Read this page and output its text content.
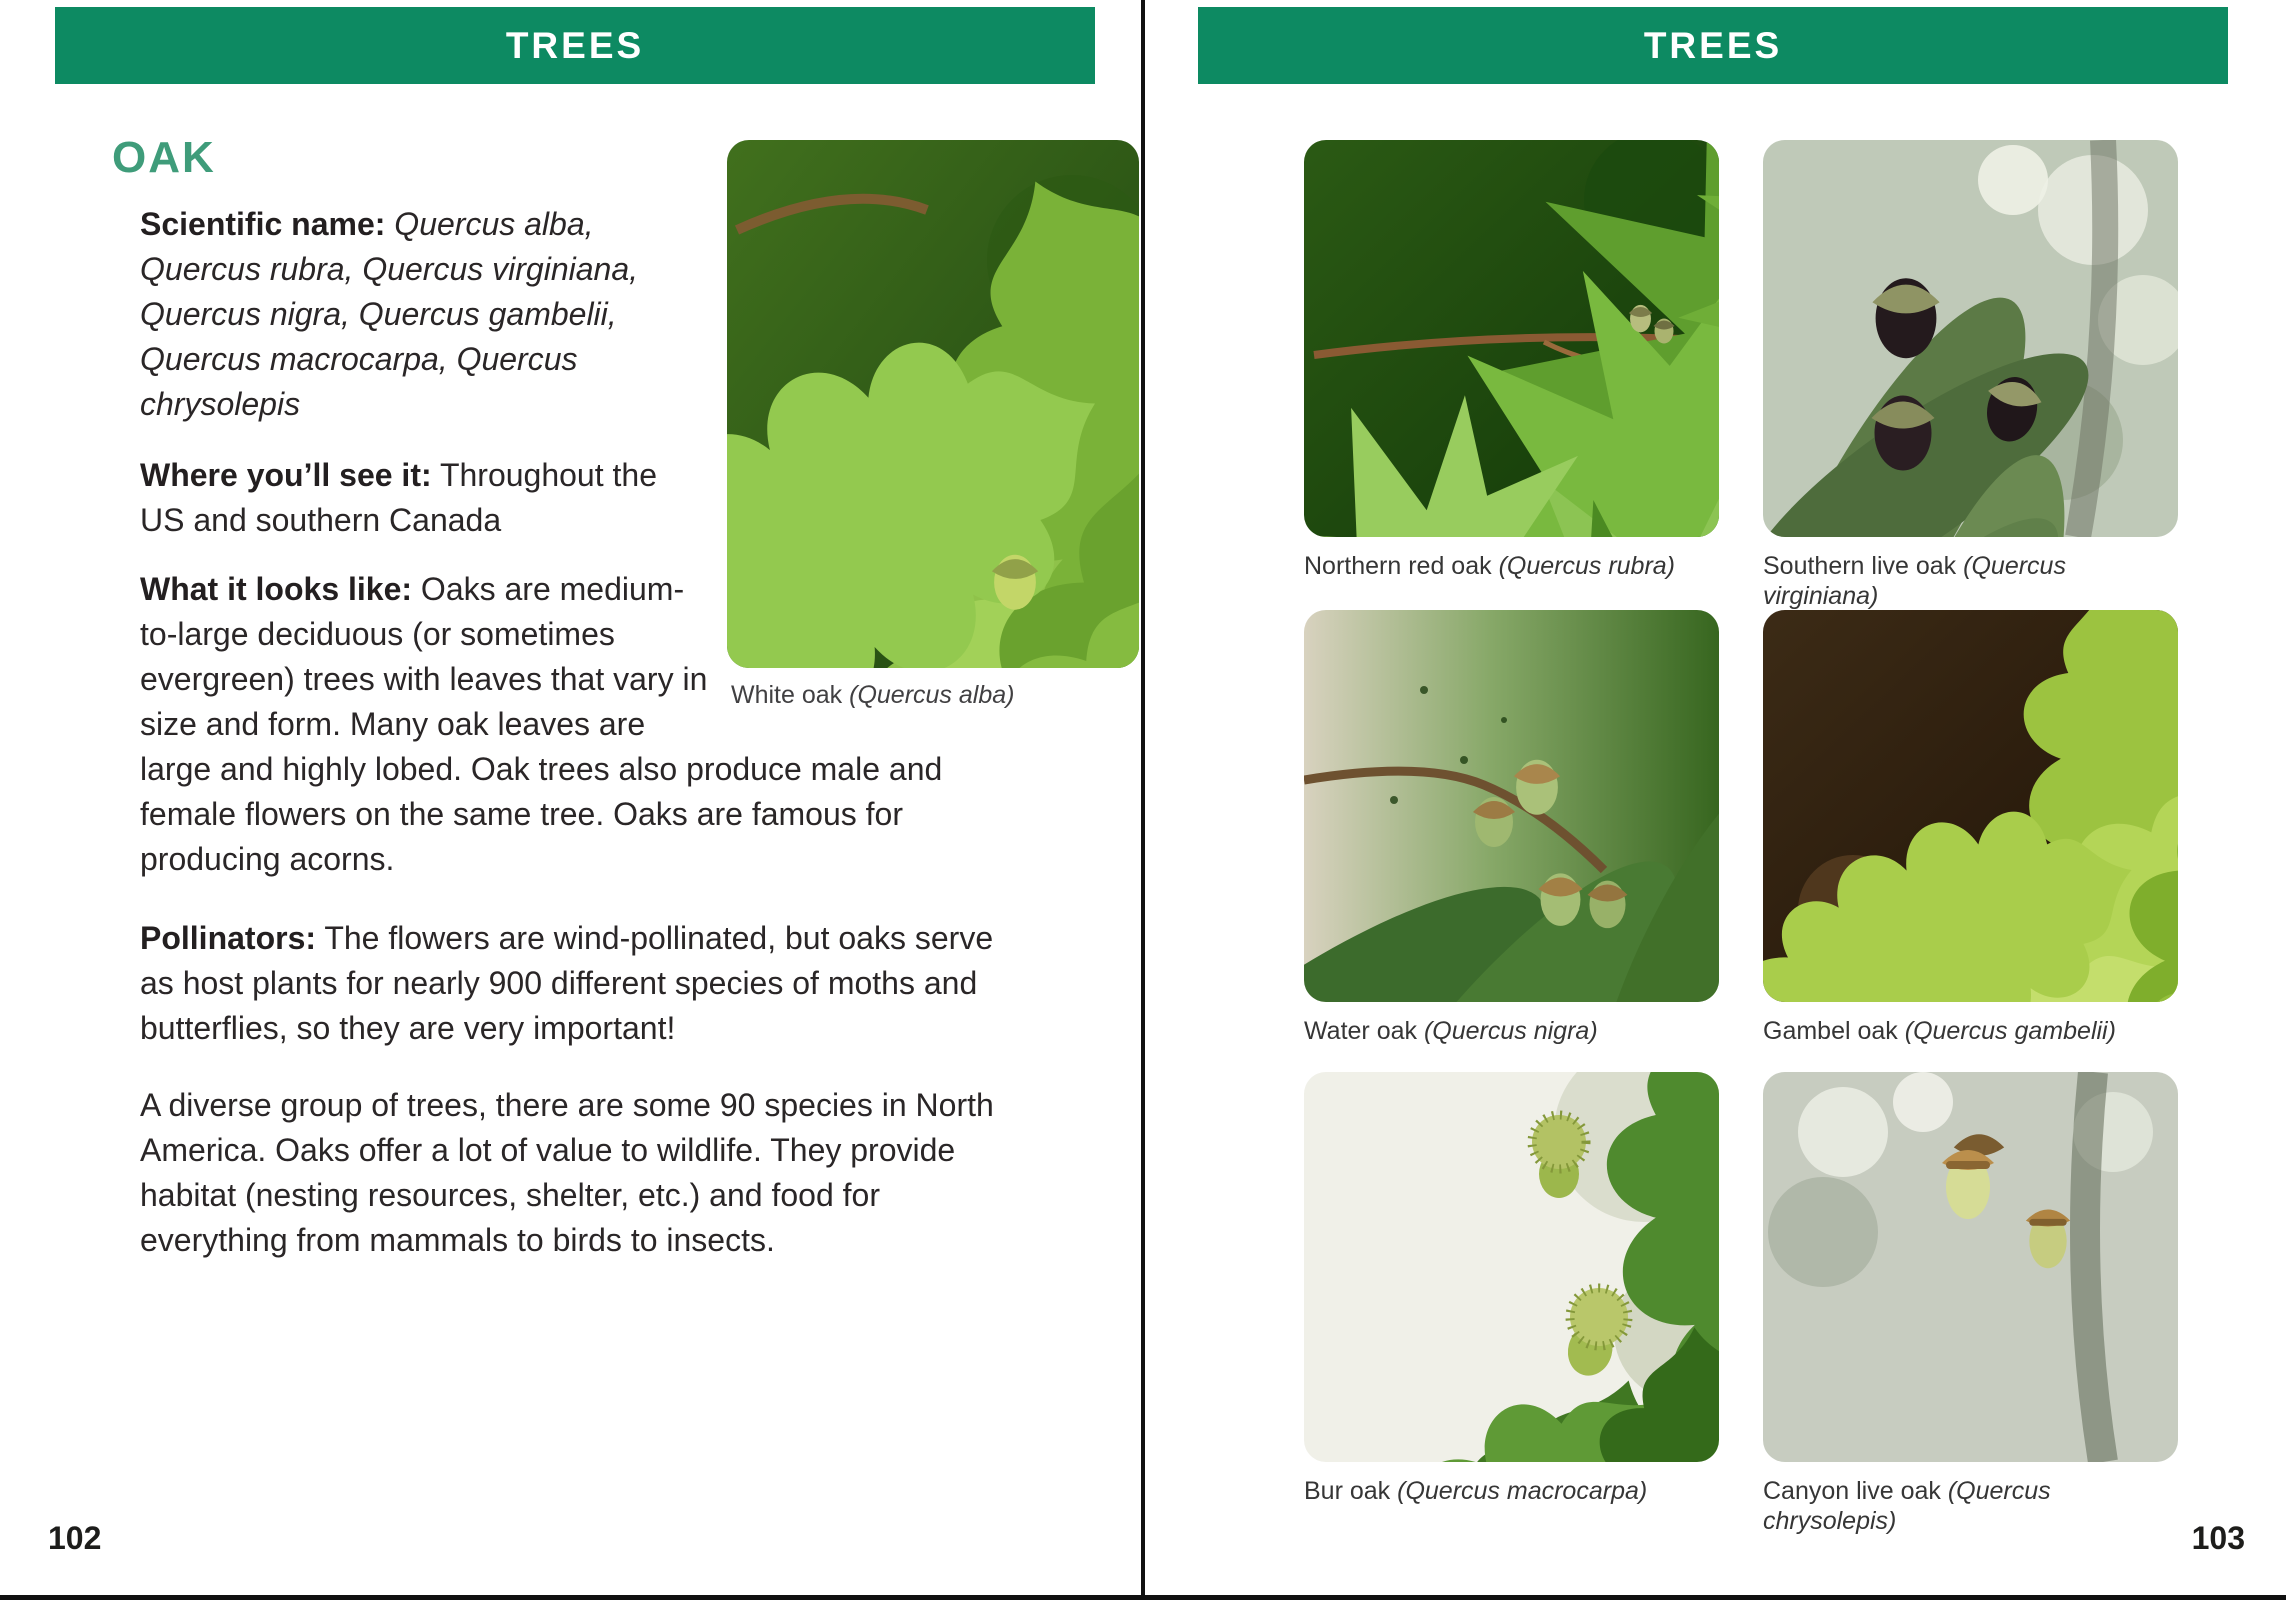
TREES
White oak (Quercus alba)
OAK

Scientific name: Quercus alba, Quercus rubra, Quercus virginiana, Quercus nigra, Quercus gambelii, Quercus macrocarpa, Quercus chrysolepis

Where you’ll see it: Throughout the US and southern Canada

What it looks like: Oaks are medium-to-large deciduous (or sometimes evergreen) trees with leaves that vary in size and form. Many oak leaves are large and highly lobed. Oak trees also produce male and female flowers on the same tree. Oaks are famous for producing acorns.

Pollinators: The flowers are wind-pollinated, but oaks serve as host plants for nearly 900 different species of moths and butterflies, so they are very important!

A diverse group of trees, there are some 90 species in North America. Oaks offer a lot of value to wildlife. They provide habitat (nesting resources, shelter, etc.) and food for everything from mammals to birds to insects.

102
TREES
Northern red oak (Quercus rubra)	Southern live oak (Quercus virginiana)
Water oak (Quercus nigra)	Gambel oak (Quercus gambelii)
Bur oak (Quercus macrocarpa)	Canyon live oak (Quercus chrysolepis)	103
